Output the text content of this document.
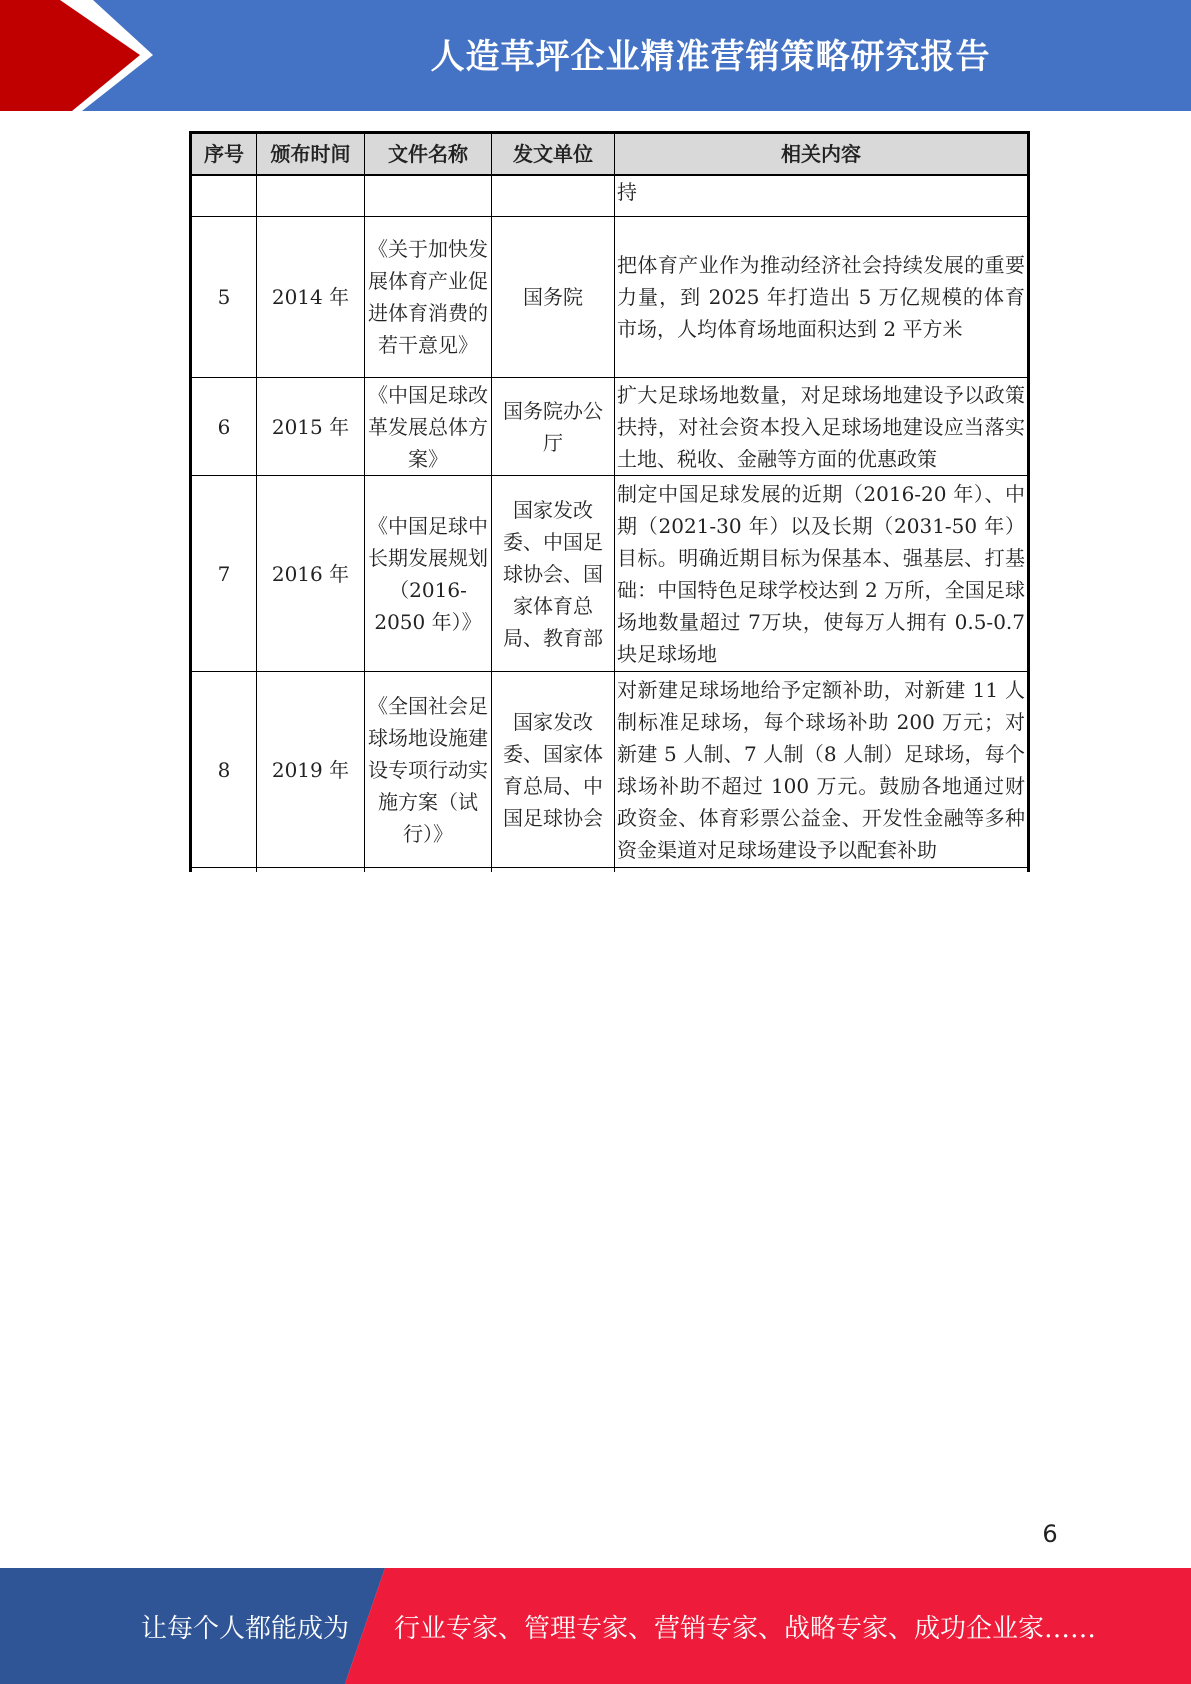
人造草坪企业精准营销策略研究报告
序号	颁布时间	文件名称	发文单位	相关内容
				持
5	2014 年	《关于加快发展体育产业促进体育消费的若干意见》	国务院	把体育产业作为推动经济社会持续发展的重要力量，到 2025 年打造出 5 万亿规模的体育市场，人均体育场地面积达到 2 平方米
6	2015 年	《中国足球改革发展总体方案》	国务院办公厅	扩大足球场地数量，对足球场地建设予以政策扶持，对社会资本投入足球场地建设应当落实土地、税收、金融等方面的优惠政策
7	2016 年	《中国足球中长期发展规划（2016-2050 年）》	国家发改委、中国足球协会、国家体育总局、教育部	制定中国足球发展的近期（2016-20 年）、中期（2021-30 年）以及长期（2031-50 年）目标。明确近期目标为保基本、强基层、打基础：中国特色足球学校达到 2 万所，全国足球场地数量超过 7万块，使每万人拥有 0.5-0.7 块足球场地
8	2019 年	《全国社会足球场地设施建设专项行动实施方案（试行）》	国家发改委、国家体育总局、中国足球协会	对新建足球场地给予定额补助，对新建 11 人制标准足球场，每个球场补助 200 万元；对新建 5 人制、7 人制（8 人制）足球场，每个球场补助不超过 100 万元。鼓励各地通过财政资金、体育彩票公益金、开发性金融等多种资金渠道对足球场建设予以配套补助

6
让每个人都能成为	行业专家、管理专家、营销专家、战略专家、成功企业家……
